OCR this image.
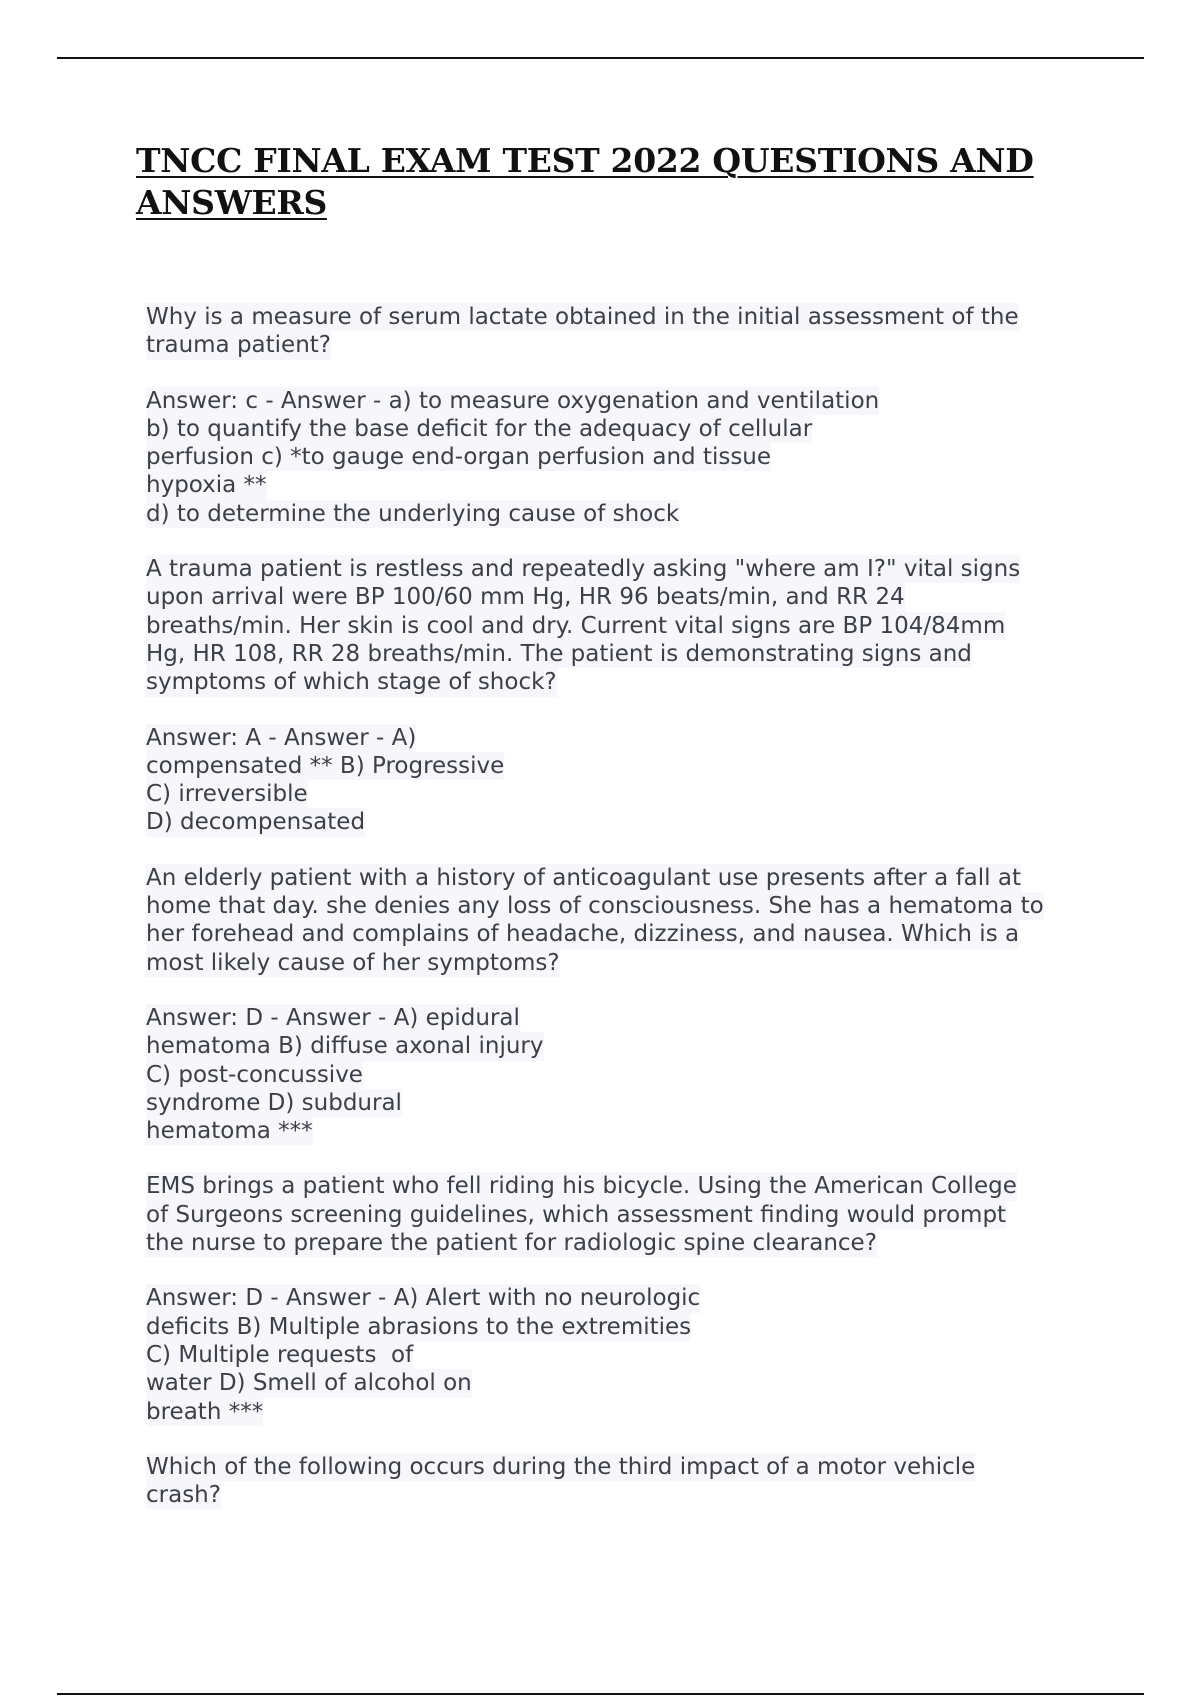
TNCC FINAL EXAM TEST 2022 QUESTIONS AND
ANSWERS
Why is a measure of serum lactate obtained in the initial assessment of the
trauma patient?
Answer: c - Answer - a) to measure oxygenation and ventilation
b) to quantify the base deficit for the adequacy of cellular
perfusion c) *to gauge end-organ perfusion and tissue
hypoxia **
d) to determine the underlying cause of shock
A trauma patient is restless and repeatedly asking "where am I?" vital signs
upon arrival were BP 100/60 mm Hg, HR 96 beats/min, and RR 24
breaths/min. Her skin is cool and dry. Current vital signs are BP 104/84mm
Hg, HR 108, RR 28 breaths/min. The patient is demonstrating signs and
symptoms of which stage of shock?
Answer: A - Answer - A)
compensated ** B) Progressive
C) irreversible
D) decompensated
An elderly patient with a history of anticoagulant use presents after a fall at
home that day. she denies any loss of consciousness. She has a hematoma to
her forehead and complains of headache, dizziness, and nausea. Which is a
most likely cause of her symptoms?
Answer: D - Answer - A) epidural
hematoma B) diffuse axonal injury
C) post-concussive
syndrome D) subdural
hematoma ***
EMS brings a patient who fell riding his bicycle. Using the American College
of Surgeons screening guidelines, which assessment finding would prompt
the nurse to prepare the patient for radiologic spine clearance?
Answer: D - Answer - A) Alert with no neurologic
deficits B) Multiple abrasions to the extremities
C) Multiple requests  of
water D) Smell of alcohol on
breath ***
Which of the following occurs during the third impact of a motor vehicle
crash?
